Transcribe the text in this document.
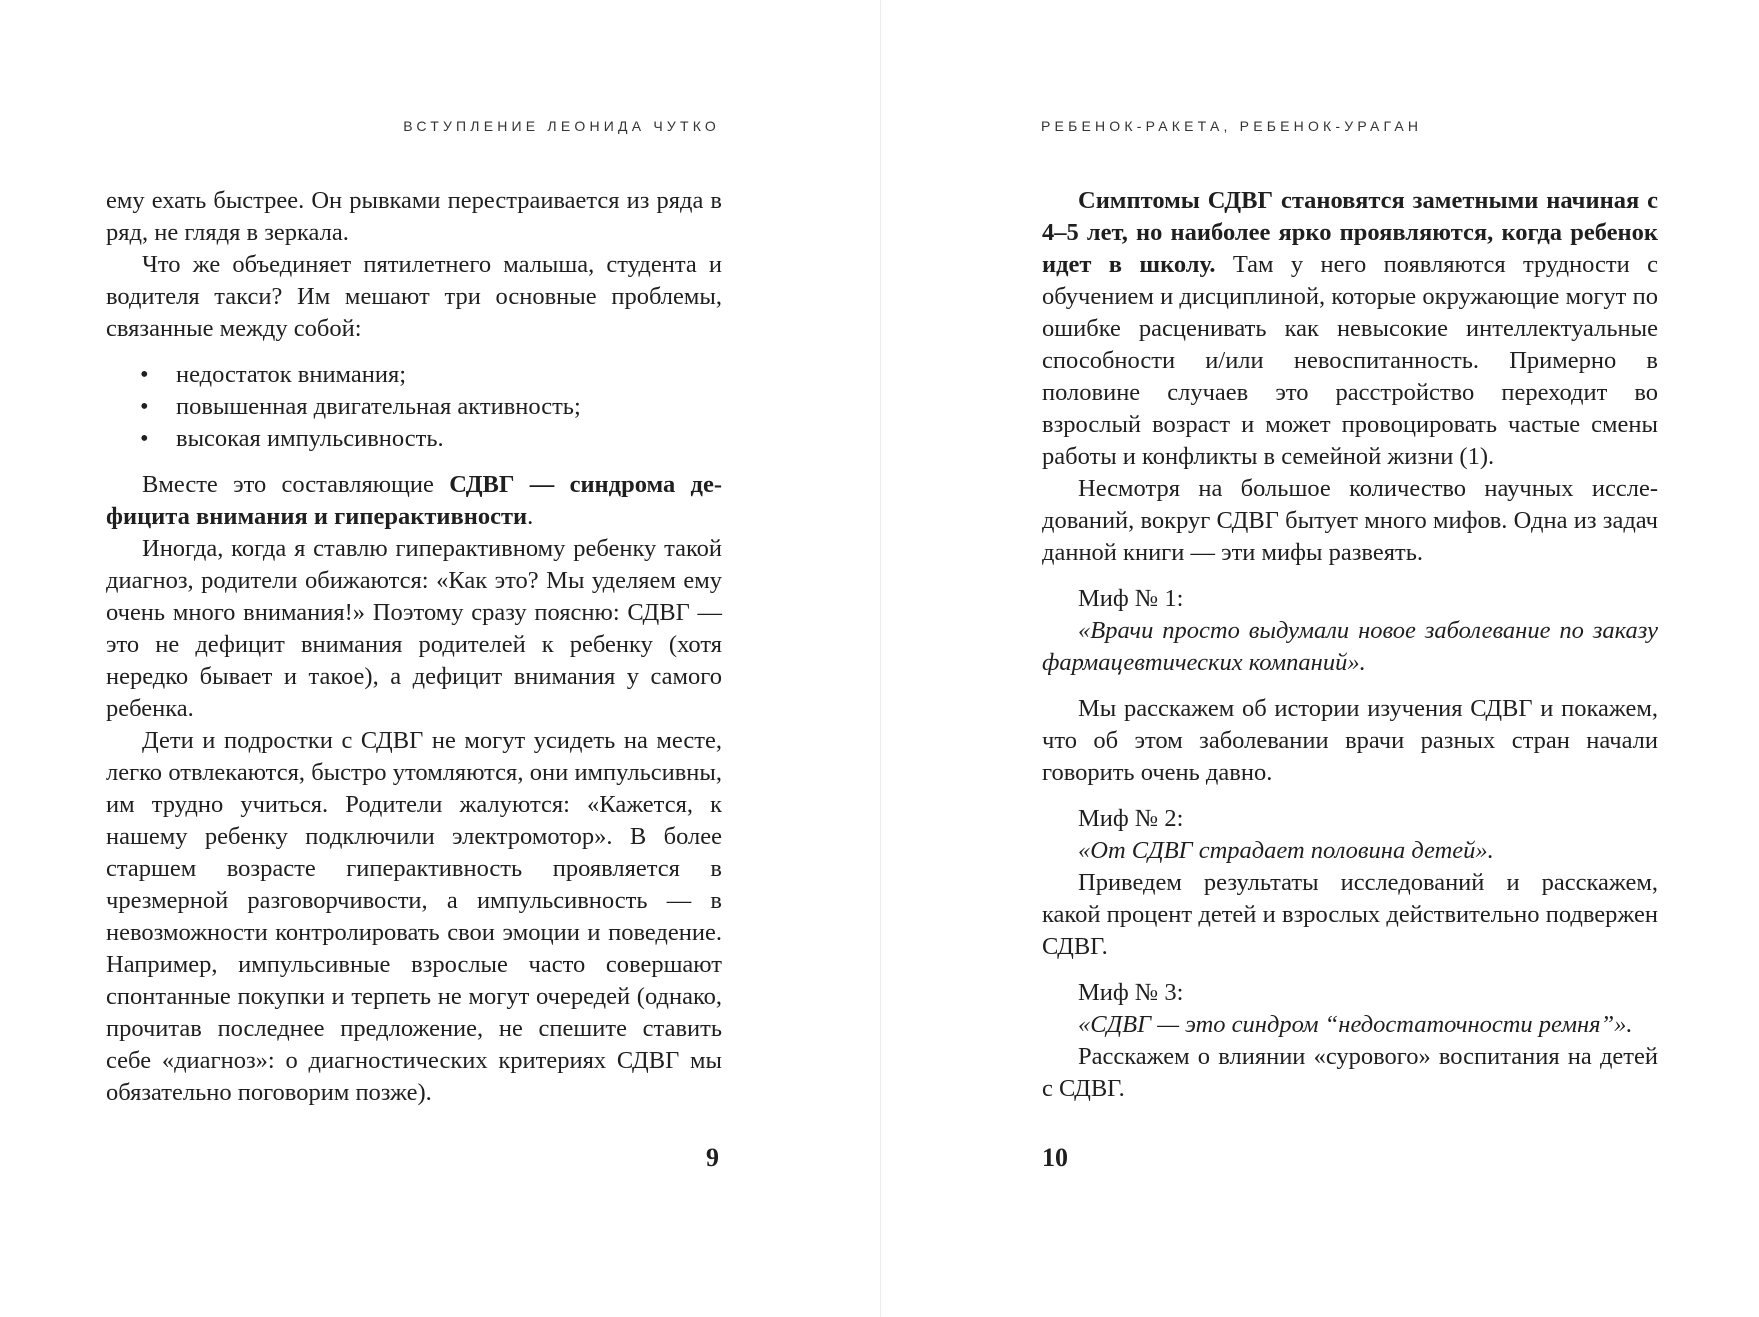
ВСТУПЛЕНИЕ ЛЕОНИДА ЧУТКО

ему ехать быстрее. Он рывками перестраивается из ряда в ряд, не глядя в зеркала.

Что же объединяет пятилетнего малыша, студента и водителя такси? Им мешают три основные проблемы, связанные между собой:

• недостаток внимания;
• повышенная двигательная активность;
• высокая импульсивность.

Вместе это составляющие СДВГ — синдрома дефицита внимания и гиперактивности.

Иногда, когда я ставлю гиперактивному ребенку такой диагноз, родители обижаются: «Как это? Мы уделяем ему очень много внимания!» Поэтому сразу поясню: СДВГ — это не дефицит внимания родителей к ребенку (хотя нередко бывает и такое), а дефицит внимания у самого ребенка.

Дети и подростки с СДВГ не могут усидеть на месте, легко отвлекаются, быстро утомляются, они импульсивны, им трудно учиться. Родители жалуются: «Кажется, к нашему ребенку подключили электромотор». В более старшем возрасте гиперактивность проявляется в чрезмерной разговорчивости, а импульсивность — в невозможности контролировать свои эмоции и поведение. Например, импульсивные взрослые часто совершают спонтанные покупки и терпеть не могут очередей (однако, прочитав последнее предложение, не спешите ставить себе «диагноз»: о диагностических критериях СДВГ мы обязательно поговорим позже).

9
РЕБЕНОК-РАКЕТА, РЕБЕНОК-УРАГАН

Симптомы СДВГ становятся заметными начиная с 4–5 лет, но наиболее ярко проявляются, когда ребенок идет в школу. Там у него появляются трудности с обучением и дисциплиной, которые окружающие могут по ошибке расценивать как невысокие интеллектуальные способности и/или невоспитанность. Примерно в половине случаев это расстройство переходит во взрослый возраст и может провоцировать частые смены работы и конфликты в семейной жизни (1).

Несмотря на большое количество научных исследований, вокруг СДВГ бытует много мифов. Одна из задач данной книги — эти мифы развеять.

Миф № 1:

«Врачи просто выдумали новое заболевание по заказу фармацевтических компаний».

Мы расскажем об истории изучения СДВГ и покажем, что об этом заболевании врачи разных стран начали говорить очень давно.

Миф № 2:

«От СДВГ страдает половина детей».

Приведем результаты исследований и расскажем, какой процент детей и взрослых действительно подвержен СДВГ.

Миф № 3:

«СДВГ — это синдром “недостаточности ремня”».

Расскажем о влиянии «сурового» воспитания на детей с СДВГ.

10
